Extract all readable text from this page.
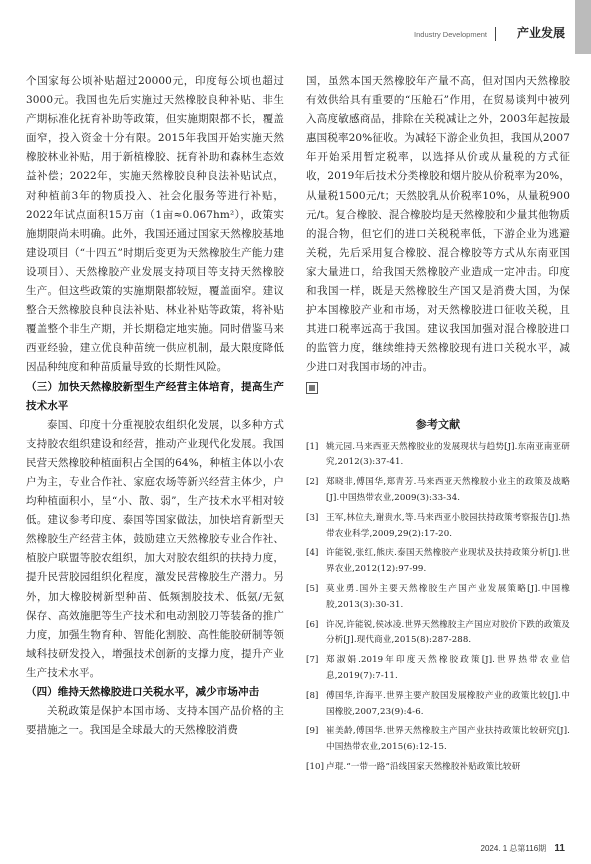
Industry Development 产业发展

个国家每公顷补贴超过20000元，印度每公顷也超过3000元。我国也先后实施过天然橡胶良种补贴、非生产期标准化抚育补助等政策，但实施期限都不长，覆盖面窄，投入资金十分有限。2015年我国开始实施天然橡胶林业补贴，用于新植橡胶、抚育补助和森林生态效益补偿；2022年，实施天然橡胶良种良法补贴试点，对种植前3年的物质投入、社会化服务等进行补贴，2022年试点面积15万亩（1亩≈0.067hm²），政策实施期限尚未明确。此外，我国还通过国家天然橡胶基地建设项目（“十四五”时期后变更为天然橡胶生产能力建设项目）、天然橡胶产业发展支持项目等支持天然橡胶生产。但这些政策的实施期限都较短，覆盖面窄。建议整合天然橡胶良种良法补贴、林业补贴等政策，将补贴覆盖整个非生产期，并长期稳定地实施。同时借鉴马来西亚经验，建立优良种苗统一供应机制，最大限度降低因品种纯度和种苗质量导致的长期性风险。

（三）加快天然橡胶新型生产经营主体培育，提高生产技术水平

泰国、印度十分重视胶农组织化发展，以多种方式支持胶农组织建设和经营，推动产业现代化发展。我国民营天然橡胶种植面积占全国的64%，种植主体以小农户为主，专业合作社、家庭农场等新兴经营主体少，户均种植面积小，呈“小、散、弱”，生产技术水平相对较低。建议参考印度、泰国等国家做法，加快培育新型天然橡胶生产经营主体，鼓励建立天然橡胶专业合作社、植胶户联盟等胶农组织，加大对胶农组织的扶持力度，提升民营胶园组织化程度，激发民营橡胶生产潜力。另外，加大橡胶树新型种苗、低频割胶技术、低氨/无氨保存、高效施肥等生产技术和电动割胶刀等装备的推广力度，加强生物育种、智能化割胶、高性能胶研制等领域科技研发投入，增强技术创新的支撑力度，提升产业生产技术水平。

（四）维持天然橡胶进口关税水平，减少市场冲击

关税政策是保护本国市场、支持本国产品价格的主要措施之一。我国是全球最大的天然橡胶消费

国，虽然本国天然橡胶年产量不高，但对国内天然橡胶有效供给具有重要的“压舱石”作用，在贸易谈判中被列入高度敏感商品，排除在关税减让之外，2003年起按最惠国税率20%征收。为减轻下游企业负担，我国从2007年开始采用暂定税率，以选择从价或从量税的方式征收，2019年后技术分类橡胶和烟片胶从价税率为20%，从量税1500元/t；天然胶乳从价税率10%，从量税900元/t。复合橡胶、混合橡胶均是天然橡胶和少量其他物质的混合物，但它们的进口关税税率低，下游企业为逃避关税，先后采用复合橡胶、混合橡胶等方式从东南亚国家大量进口，给我国天然橡胶产业造成一定冲击。印度和我国一样，既是天然橡胶生产国又是消费大国，为保护本国橡胶产业和市场，对天然橡胶进口征收关税，且其进口税率远高于我国。建议我国加强对混合橡胶进口的监管力度，继续维持天然橡胶现有进口关税水平，减少进口对我国市场的冲击。

参考文献
[1] 姚元园.马来西亚天然橡胶业的发展现状与趋势[J].东南亚南亚研究,2012(3):37-41.
[2] 郑晓非,傅国华,郑青芳.马来西亚天然橡胶小业主的政策及战略[J].中国热带农业,2009(3):33-34.
[3] 王军,林位夫,谢贵水,等.马来西亚小胶园扶持政策考察报告[J].热带农业科学,2009,29(2):17-20.
[4] 许能锐,张红,熊庆.泰国天然橡胶产业现状及扶持政策分析[J].世界农业,2012(12):97-99.
[5] 莫业勇.国外主要天然橡胶生产国产业发展策略[J].中国橡胶,2013(3):30-31.
[6] 许况,许能锐,侯冰凌.世界天然橡胶主产国应对胶价下跌的政策及分析[J].现代商业,2015(8):287-288.
[7] 郑淑娟.2019年印度天然橡胶政策[J].世界热带农业信息,2019(7):7-11.
[8] 傅国华,许海平.世界主要产胶国发展橡胶产业的政策比较[J].中国橡胶,2007,23(9):4-6.
[9] 崔美龄,傅国华.世界天然橡胶主产国产业扶持政策比较研究[J].中国热带农业,2015(6):12-15.
[10] 卢琨.“一带一路”沿线国家天然橡胶补贴政策比较研
2024. 1 总第116期 11
